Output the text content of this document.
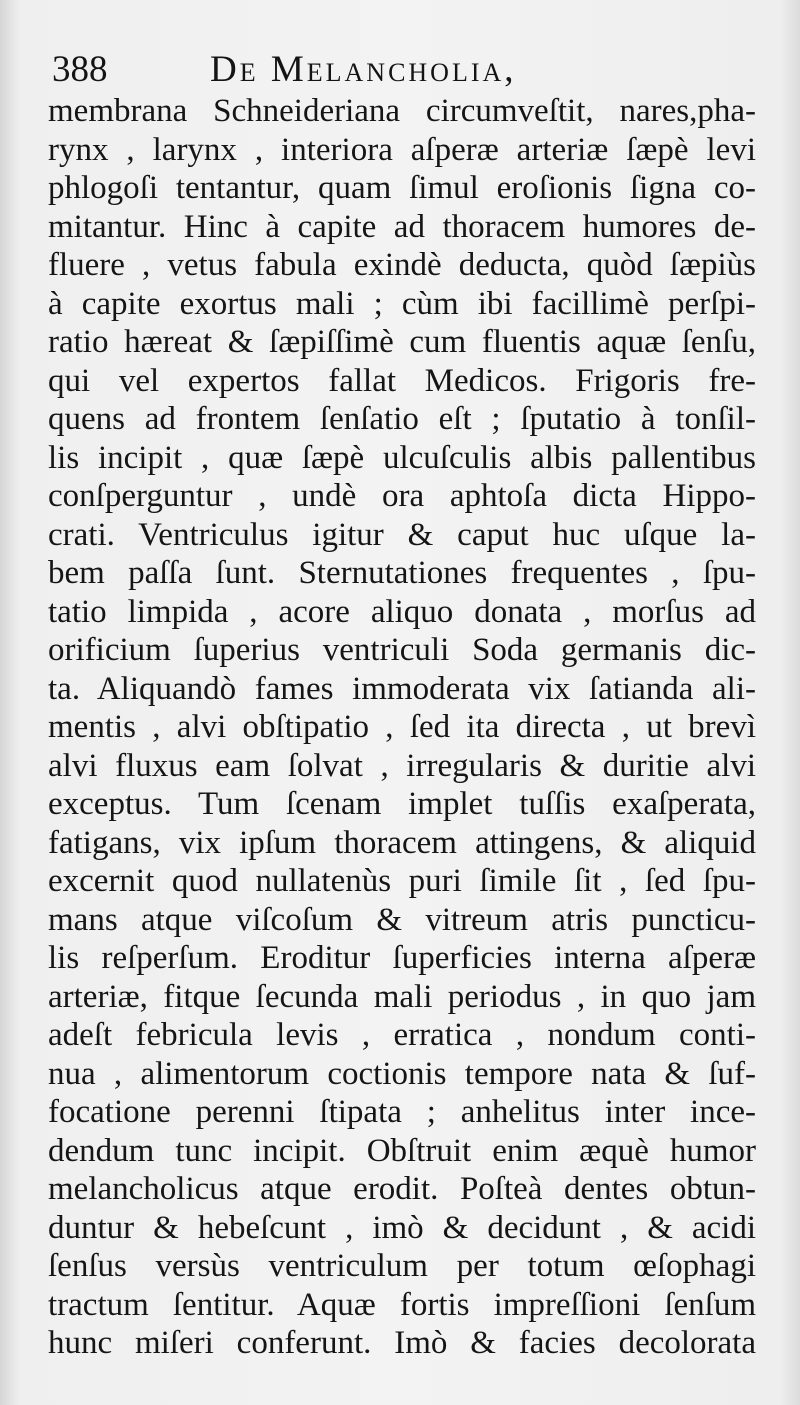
388	De Melancholia,
membrana Schneideriana circumveſtit, nares,pha-
rynx , larynx , interiora aſperæ arteriæ ſæpè levi
phlogoſi tentantur, quam ſimul eroſionis ſigna co-
mitantur. Hinc à capite ad thoracem humores de-
fluere , vetus fabula exindè deducta, quòd ſæpiùs
à capite exortus mali ; cùm ibi facillimè perſpi-
ratio hæreat & ſæpiſſimè cum fluentis aquæ ſenſu,
qui vel expertos fallat Medicos. Frigoris fre-
quens ad frontem ſenſatio eſt ; ſputatio à tonſil-
lis incipit , quæ ſæpè ulcuſculis albis pallentibus
conſperguntur , undè ora aphtoſa dicta Hippo-
crati. Ventriculus igitur & caput huc uſque la-
bem paſſa ſunt. Sternutationes frequentes , ſpu-
tatio limpida , acore aliquo donata , morſus ad
orificium ſuperius ventriculi Soda germanis dic-
ta. Aliquandò fames immoderata vix ſatianda ali-
mentis , alvi obſtipatio , ſed ita directa , ut brevì
alvi fluxus eam ſolvat , irregularis & duritie alvi
exceptus. Tum ſcenam implet tuſſis exaſperata,
fatigans, vix ipſum thoracem attingens, & aliquid
excernit quod nullatenùs puri ſimile ſit , ſed ſpu-
mans atque viſcoſum & vitreum atris puncticu-
lis reſperſum. Eroditur ſuperficies interna aſperæ
arteriæ, fitque ſecunda mali periodus , in quo jam
adeſt febricula levis , erratica , nondum conti-
nua , alimentorum coctionis tempore nata & ſuf-
focatione perenni ſtipata ; anhelitus inter ince-
dendum tunc incipit. Obſtruit enim æquè humor
melancholicus atque erodit. Poſteà dentes obtun-
duntur & hebeſcunt , imò & decidunt , & acidi
ſenſus versùs ventriculum per totum œſophagi
tractum ſentitur. Aquæ fortis impreſſioni ſenſum
hunc miſeri conferunt. Imò & facies decolorata
